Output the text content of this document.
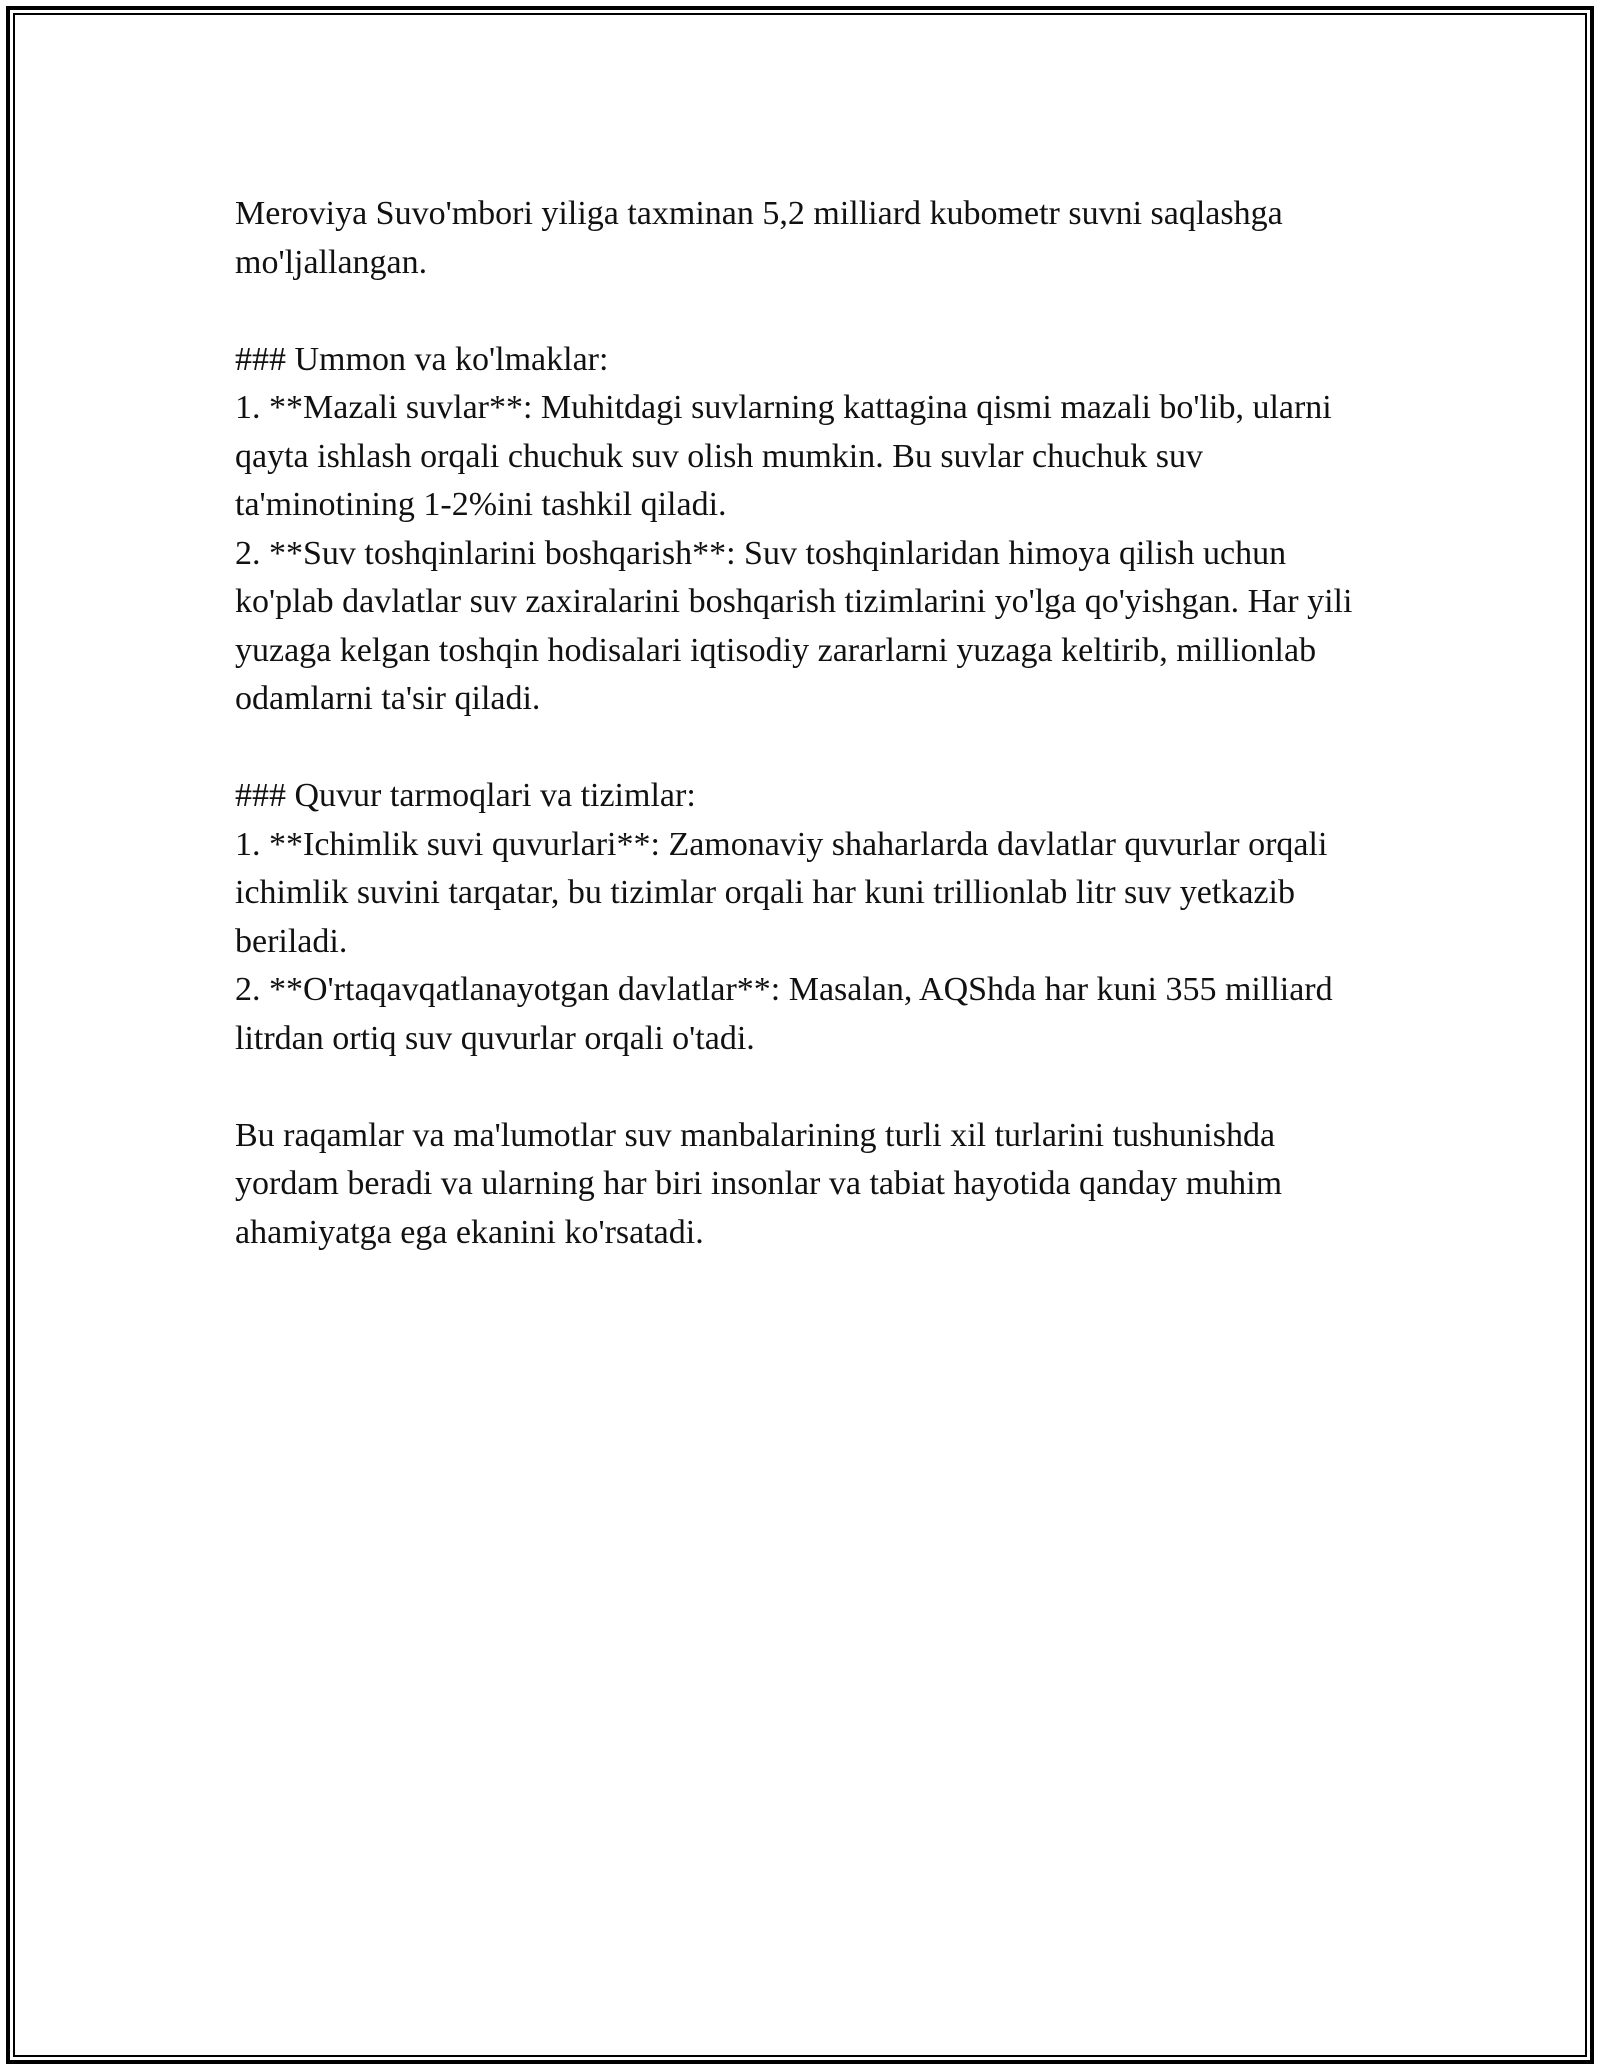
Meroviya Suvo'mbori yiliga taxminan 5,2 milliard kubometr suvni saqlashga mo'ljallangan.

### Ummon va ko'lmaklar:

1. **Mazali suvlar**: Muhitdagi suvlarning kattagina qismi mazali bo'lib, ularni qayta ishlash orqali chuchuk suv olish mumkin. Bu suvlar chuchuk suv ta'minotining 1-2%ini tashkil qiladi.

2. **Suv toshqinlarini boshqarish**: Suv toshqinlaridan himoya qilish uchun ko'plab davlatlar suv zaxiralarini boshqarish tizimlarini yo'lga qo'yishgan. Har yili yuzaga kelgan toshqin hodisalari iqtisodiy zararlarni yuzaga keltirib, millionlab odamlarni ta'sir qiladi.

### Quvur tarmoqlari va tizimlar:

1. **Ichimlik suvi quvurlari**: Zamonaviy shaharlarda davlatlar quvurlar orqali ichimlik suvini tarqatar, bu tizimlar orqali har kuni trillionlab litr suv yetkazib beriladi.

2. **O'rtaqavqatlanayotgan davlatlar**: Masalan, AQShda har kuni 355 milliard litrdan ortiq suv quvurlar orqali o'tadi.

Bu raqamlar va ma'lumotlar suv manbalarining turli xil turlarini tushunishda yordam beradi va ularning har biri insonlar va tabiat hayotida qanday muhim ahamiyatga ega ekanini ko'rsatadi.
